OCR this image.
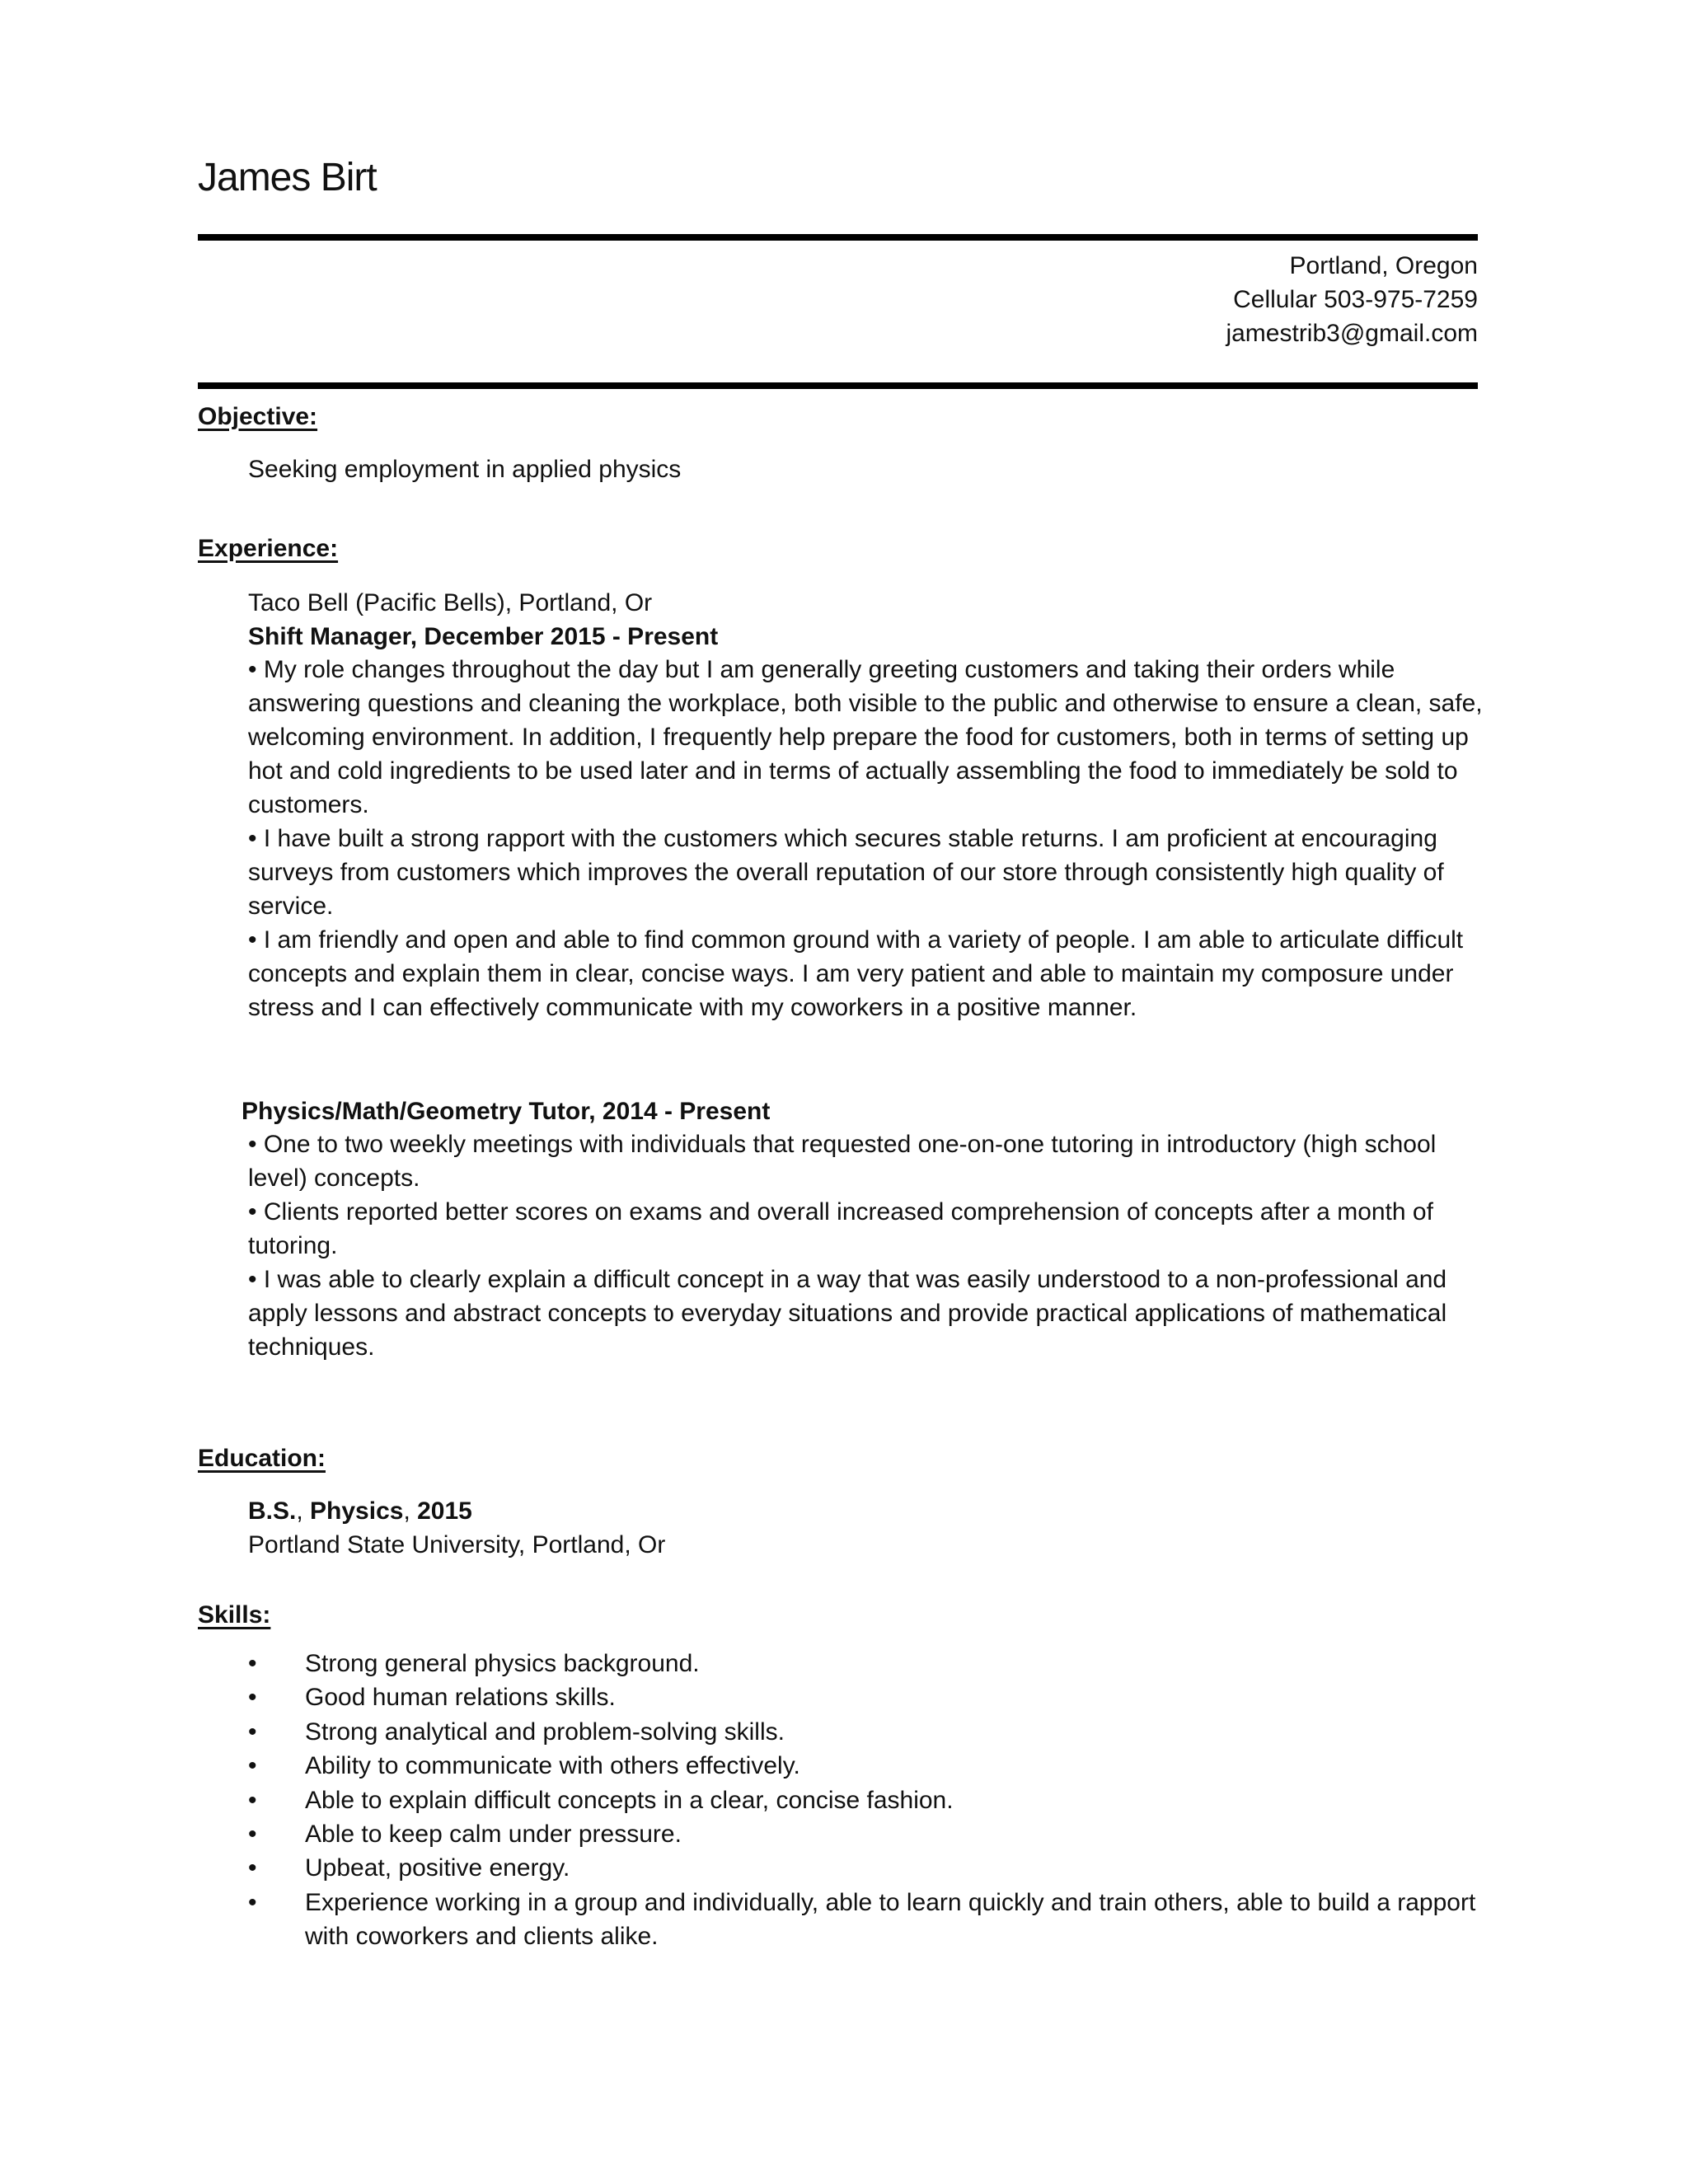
James Birt
Portland, Oregon
Cellular 503-975-7259
jamestrib3@gmail.com
Objective:
Seeking employment in applied physics
Experience:
Taco Bell (Pacific Bells), Portland, Or
Shift Manager, December 2015 - Present

• My role changes throughout the day but I am generally greeting customers and taking their orders while answering questions and cleaning the workplace, both visible to the public and otherwise to ensure a clean, safe, welcoming environment. In addition, I frequently help prepare the food for customers, both in terms of setting up hot and cold ingredients to be used later and in terms of actually assembling the food to immediately be sold to customers.

• I have built a strong rapport with the customers which secures stable returns. I am proficient at encouraging surveys from customers which improves the overall reputation of our store through consistently high quality of service.

• I am friendly and open and able to find common ground with a variety of people. I am able to articulate difficult concepts and explain them in clear, concise ways. I am very patient and able to maintain my composure under stress and I can effectively communicate with my coworkers in a positive manner.

Physics/Math/Geometry Tutor, 2014 - Present

• One to two weekly meetings with individuals that requested one-on-one tutoring in introductory (high school level) concepts.

• Clients reported better scores on exams and overall increased comprehension of concepts after a month of tutoring.

• I was able to clearly explain a difficult concept in a way that was easily understood to a non-professional and apply lessons and abstract concepts to everyday situations and provide practical applications of mathematical techniques.

Education:
B.S., Physics, 2015
Portland State University, Portland, Or
Skills:
• Strong general physics background.
• Good human relations skills.
• Strong analytical and problem-solving skills.
• Ability to communicate with others effectively.
• Able to explain difficult concepts in a clear, concise fashion.
• Able to keep calm under pressure.
• Upbeat, positive energy.
• Experience working in a group and individually, able to learn quickly and train others, able to build a rapport with coworkers and clients alike.
